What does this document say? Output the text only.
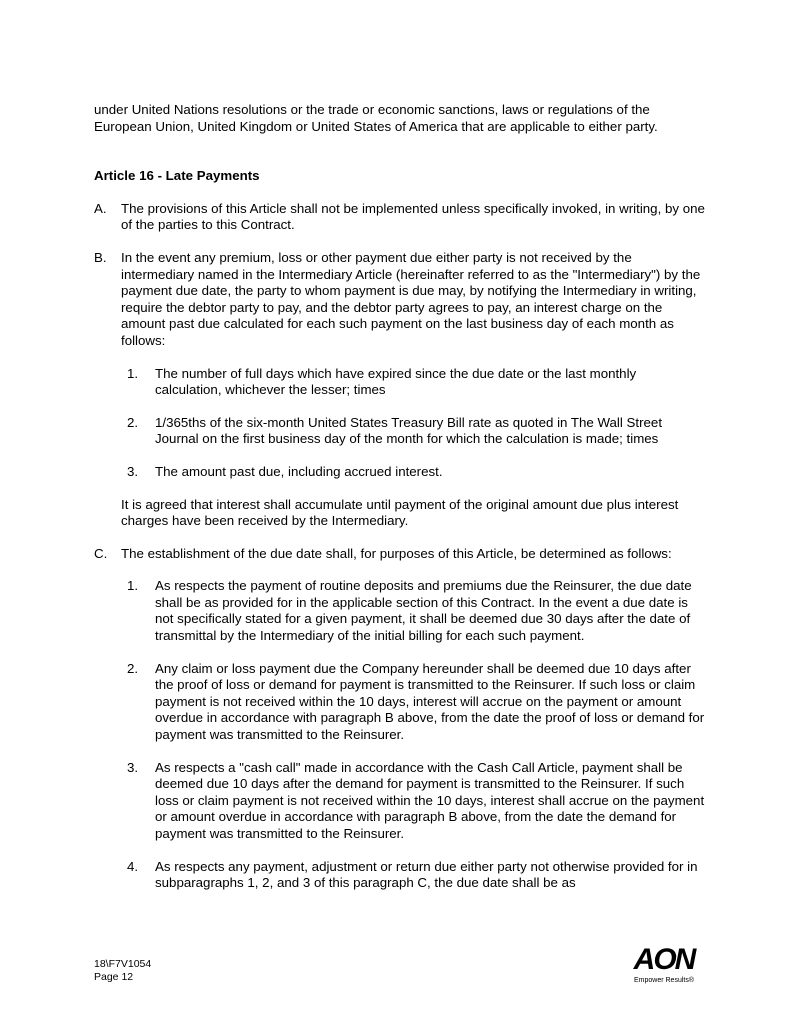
under United Nations resolutions or the trade or economic sanctions, laws or regulations of the European Union, United Kingdom or United States of America that are applicable to either party.

Article 16 - Late Payments

A.	The provisions of this Article shall not be implemented unless specifically invoked, in writing, by one of the parties to this Contract.

B.	In the event any premium, loss or other payment due either party is not received by the intermediary named in the Intermediary Article (hereinafter referred to as the "Intermediary") by the payment due date, the party to whom payment is due may, by notifying the Intermediary in writing, require the debtor party to pay, and the debtor party agrees to pay, an interest charge on the amount past due calculated for each such payment on the last business day of each month as follows:

1.	The number of full days which have expired since the due date or the last monthly calculation, whichever the lesser; times
2.	1/365ths of the six-month United States Treasury Bill rate as quoted in The Wall Street Journal on the first business day of the month for which the calculation is made; times
3.	The amount past due, including accrued interest.

It is agreed that interest shall accumulate until payment of the original amount due plus interest charges have been received by the Intermediary.

C.	The establishment of the due date shall, for purposes of this Article, be determined as follows:

1.	As respects the payment of routine deposits and premiums due the Reinsurer, the due date shall be as provided for in the applicable section of this Contract. In the event a due date is not specifically stated for a given payment, it shall be deemed due 30 days after the date of transmittal by the Intermediary of the initial billing for each such payment.
2.	Any claim or loss payment due the Company hereunder shall be deemed due 10 days after the proof of loss or demand for payment is transmitted to the Reinsurer. If such loss or claim payment is not received within the 10 days, interest will accrue on the payment or amount overdue in accordance with paragraph B above, from the date the proof of loss or demand for payment was transmitted to the Reinsurer.
3.	As respects a "cash call" made in accordance with the Cash Call Article, payment shall be deemed due 10 days after the demand for payment is transmitted to the Reinsurer. If such loss or claim payment is not received within the 10 days, interest shall accrue on the payment or amount overdue in accordance with paragraph B above, from the date the demand for payment was transmitted to the Reinsurer.
4.	As respects any payment, adjustment or return due either party not otherwise provided for in subparagraphs 1, 2, and 3 of this paragraph C, the due date shall be as
18\F7V1054
Page 12
AON
Empower Results®
